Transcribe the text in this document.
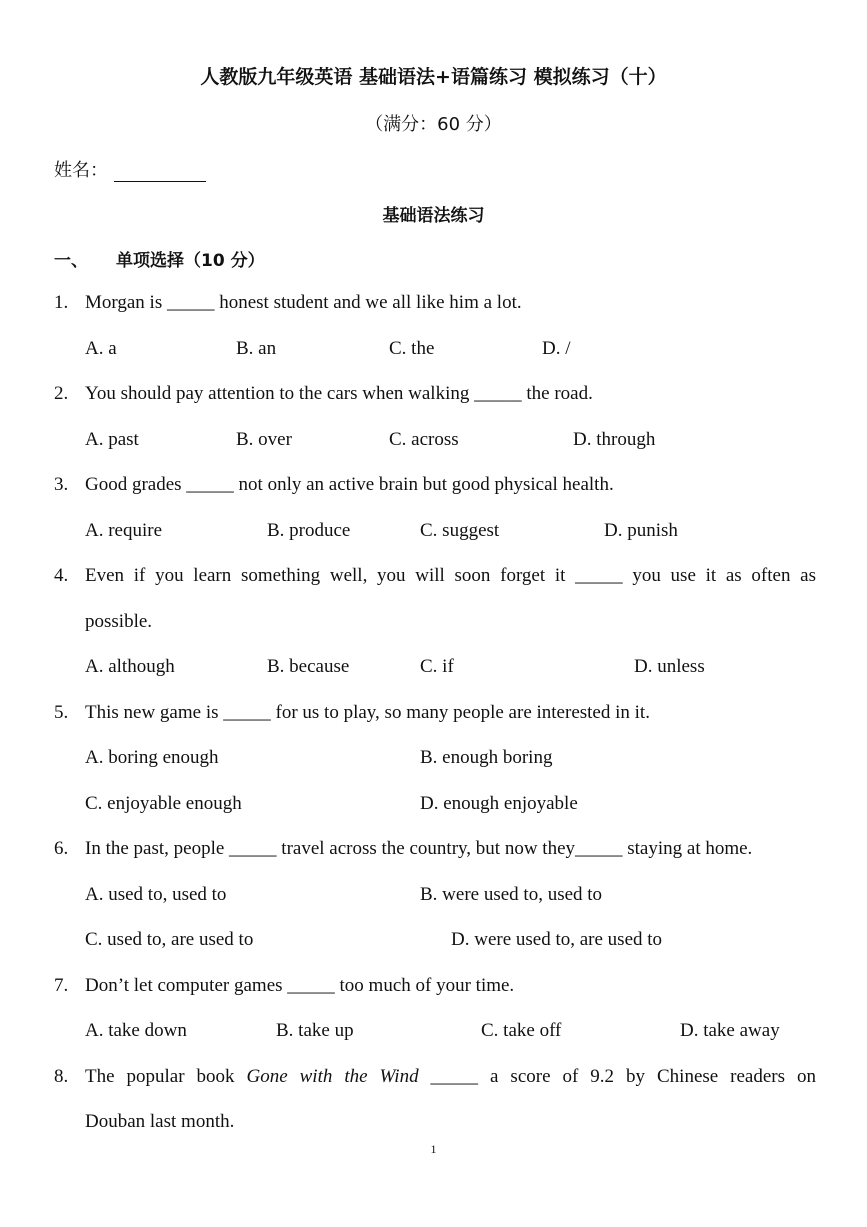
人教版九年级英语 基础语法+语篇练习 模拟练习（十）
（满分：60 分）
姓名：
基础语法练习
一、 单项选择（10 分）
1. Morgan is _____ honest student and we all like him a lot.
A. a	B. an	C. the	D. /
2. You should pay attention to the cars when walking _____ the road.
A. past	B. over	C. across	D. through
3. Good grades _____ not only an active brain but good physical health.
A. require	B. produce	C. suggest	D. punish
4. Even if you learn something well, you will soon forget it _____ you use it as often as
possible.
A. although	B. because	C. if	D. unless
5. This new game is _____ for us to play, so many people are interested in it.
A. boring enough	B. enough boring
C. enjoyable enough	D. enough enjoyable
6. In the past, people _____ travel across the country, but now they_____ staying at home.
A. used to, used to	B. were used to, used to
C. used to, are used to	D. were used to, are used to
7. Don’t let computer games _____ too much of your time.
A. take down	B. take up	C. take off	D. take away
8. The popular book Gone with the Wind _____ a score of 9.2 by Chinese readers on
Douban last month.
1
